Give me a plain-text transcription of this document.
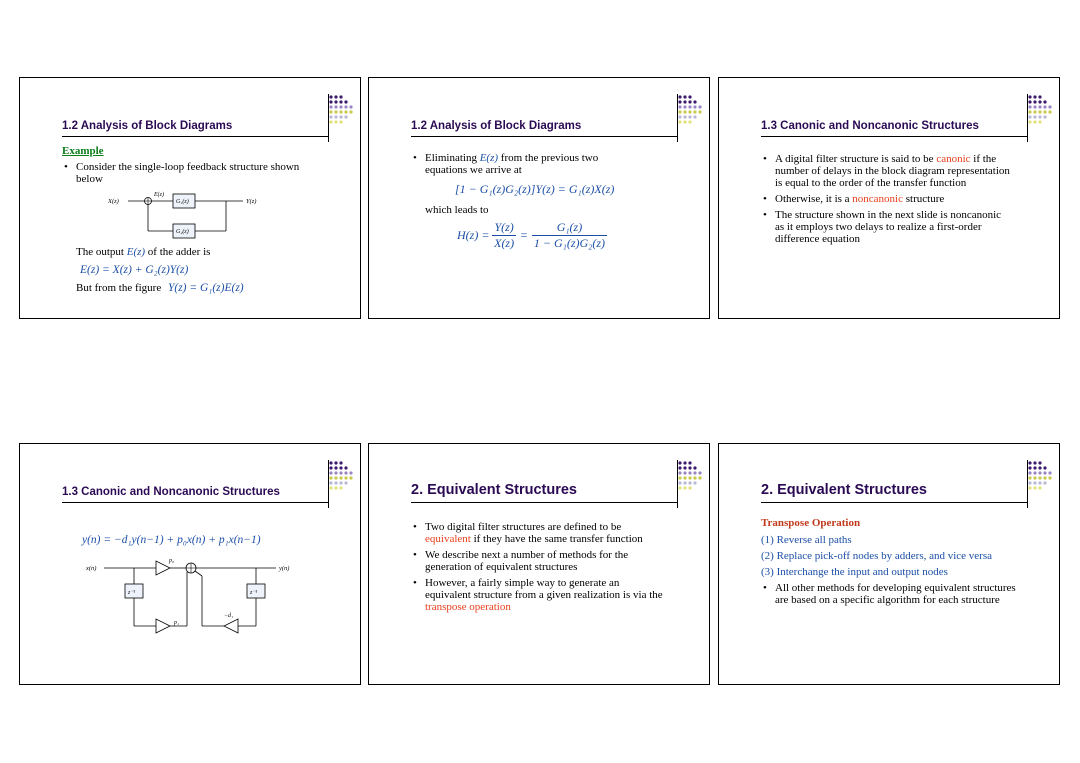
1.2 Analysis of Block Diagrams
Example
• Consider the single-loop feedback structure shown below
X(z)
E(z)
G₁(z)	Y(z)
G₂(z)
The output E(z) of the adder is
E(z) = X(z) + G₂(z)Y(z)
But from the figure Y(z) = G₁(z)E(z)
1.2 Analysis of Block Diagrams
• Eliminating E(z) from the previous two equations we arrive at
[1 − G₁(z)G₂(z)]Y(z) = G₁(z)X(z)
which leads to
$H(z) = \frac{Y(z)}{X(z)} = \frac{\text{G₁(z)}}{\text{1 − G₁(z)G₂(z)}}$
1.3 Canonic and Noncanonic Structures
• A digital filter structure is said to be canonic if the number of delays in the block diagram representation is equal to the order of the transfer function
• Otherwise, it is a noncanonic structure
• The structure shown in the next slide is noncanonic as it employs two delays to realize a first-order difference equation
1.3 Canonic and Noncanonic Structures
y(n) = −d₁y(n−1) + p₀x(n) + p₁x(n−1)
x(n)
p₀
y(n)
z⁻¹
p₁
z⁻¹
−d₁
2. Equivalent Structures
• Two digital filter structures are defined to be equivalent if they have the same transfer function
• We describe next a number of methods for the generation of equivalent structures
• However, a fairly simple way to generate an equivalent structure from a given realization is via the transpose operation
2. Equivalent Structures
Transpose Operation
(1) Reverse all paths
(2) Replace pick-off nodes by adders, and vice versa
(3) Interchange the input and output nodes
• All other methods for developing equivalent structures are based on a specific algorithm for each structure
